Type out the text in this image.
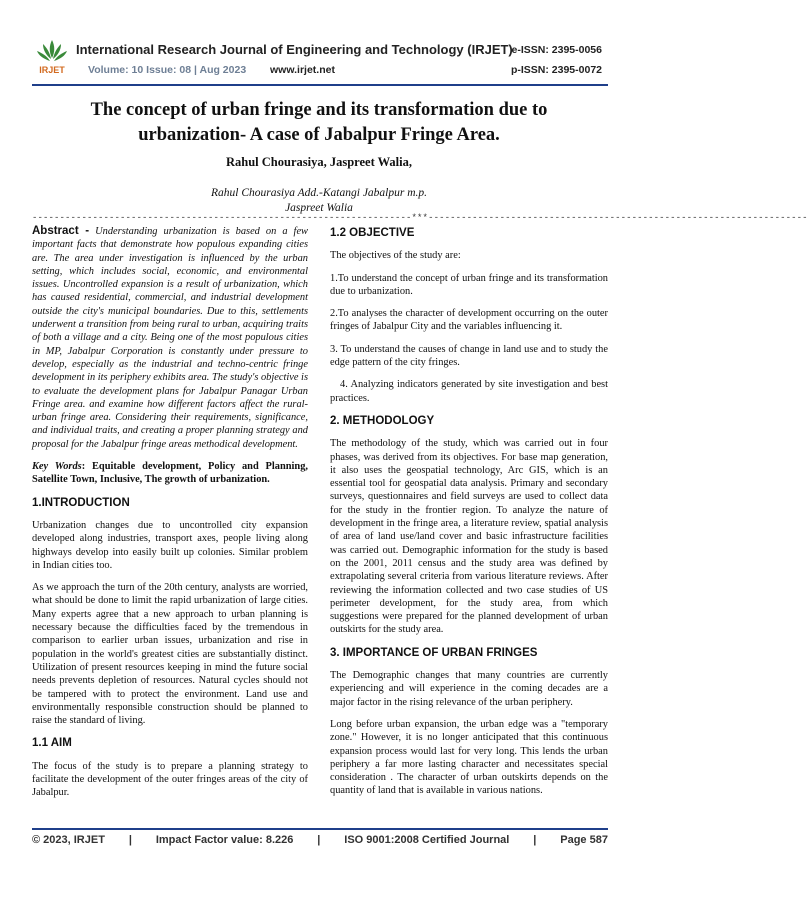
IRJET
International Research Journal of Engineering and Technology (IRJET)
e-ISSN: 2395-0056
Volume: 10 Issue: 08 | Aug 2023 www.irjet.net	p-ISSN: 2395-0072
The concept of urban fringe and its transformation due to urbanization- A case of Jabalpur Fringe Area.
Rahul Chourasiya, Jaspreet Walia,
Rahul Chourasiya Add.-Katangi Jabalpur m.p.
Jaspreet Walia
---------------------------------------------------------------------***---------------------------------------------------------------------

Abstract - Understanding urbanization is based on a few important facts that demonstrate how populous expanding cities are. The area under investigation is influenced by the urban setting, which includes social, economic, and environmental issues. Uncontrolled expansion is a result of urbanization, which has caused residential, commercial, and industrial development outside the city's municipal boundaries. Due to this, settlements underwent a transition from being rural to urban, acquiring traits of both a village and a city. Being one of the most populous cities in MP, Jabalpur Corporation is constantly under pressure to develop, especially as the industrial and techno-centric fringe development in its periphery exhibits area. The study's objective is to evaluate the development plans for Jabalpur Panagar Urban Fringe area. and examine how different factors affect the rural-urban fringe area. Considering their requirements, significance, and individual traits, and creating a proper planning strategy and proposal for the Jabalpur fringe areas methodical development.

Key Words: Equitable development, Policy and Planning, Satellite Town, Inclusive, The growth of urbanization.

1.INTRODUCTION

Urbanization changes due to uncontrolled city expansion developed along industries, transport axes, people living along highways develop into easily built up colonies. Similar problem in Indian cities too.

As we approach the turn of the 20th century, analysts are worried, what should be done to limit the rapid urbanization of large cities. Many experts agree that a new approach to urban planning is necessary because the difficulties faced by the tremendous in comparison to earlier urban issues, urbanization and rise in population in the world's greatest cities are substantially distinct. Utilization of present resources keeping in mind the future social needs prevents depletion of resources. Natural cycles should not be tampered with to protect the environment. Land use and environmentally responsible construction should be planned to raise the standard of living.

1.1 AIM

The focus of the study is to prepare a planning strategy to facilitate the development of the outer fringes areas of the city of Jabalpur.

1.2 OBJECTIVE

The objectives of the study are:

1.To understand the concept of urban fringe and its transformation due to urbanization.

2.To analyses the character of development occurring on the outer fringes of Jabalpur City and the variables influencing it.

3. To understand the causes of change in land use and to study the edge pattern of the city fringes.

4. Analyzing indicators generated by site investigation and best practices.

2. METHODOLOGY

The methodology of the study, which was carried out in four phases, was derived from its objectives. For base map generation, it also uses the geospatial technology, Arc GIS, which is an essential tool for geospatial data analysis. Primary and secondary surveys, questionnaires and field surveys are used to collect data for the study in the frontier region. To analyze the nature of development in the fringe area, a literature review, spatial analysis of area of land use/land cover and basic infrastructure facilities was carried out. Demographic information for the study is based on the 2001, 2011 census and the study area was defined by extrapolating several criteria from various literature reviews. After reviewing the information collected and two case studies of US perimeter development, for the study area, from which suggestions were prepared for the planned development of urban outskirts for the study area.

3. IMPORTANCE OF URBAN FRINGES

The Demographic changes that many countries are currently experiencing and will experience in the coming decades are a major factor in the rising relevance of the urban periphery.

Long before urban expansion, the urban edge was a "temporary zone." However, it is no longer anticipated that this continuous expansion process would last for very long. This lends the urban periphery a far more lasting character and necessitates special consideration . The character of urban outskirts depends on the quantity of land that is available in various nations.

© 2023, IRJET | Impact Factor value: 8.226 | ISO 9001:2008 Certified Journal | Page 587
